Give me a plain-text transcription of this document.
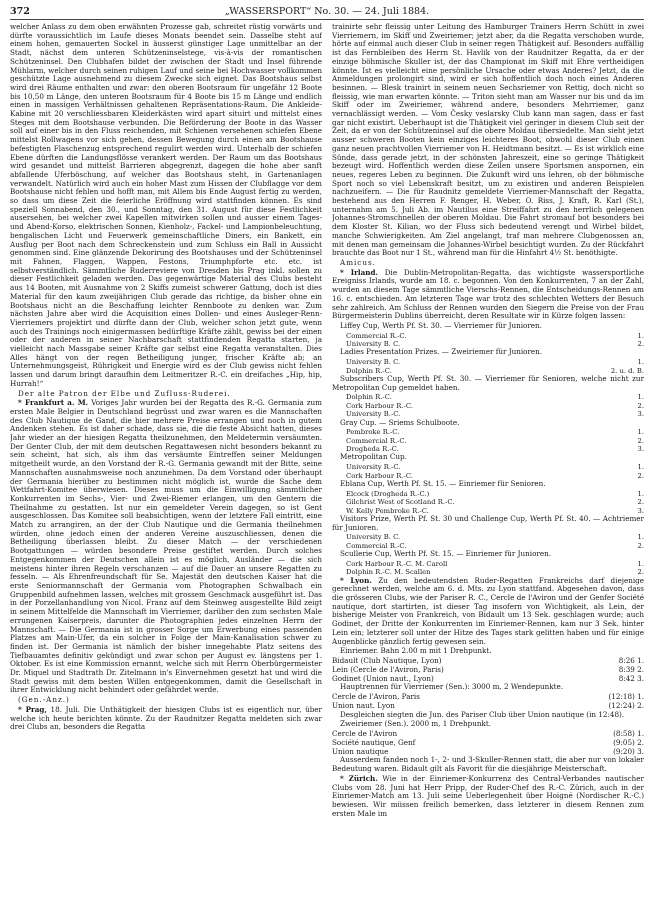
372	„WASSERSPORT“ No. 30. — 24. Juli 1884.

welcher Anlass zu dem oben erwähnten Prozesse gab, schreitet rüstig vorwärts und dürfte voraussichtlich im Laufe dieses Monats beendet sein. Dasselbe steht auf einem hohen, gemauerten Sockel in äusserst günstiger Lage unmittelbar an der Stadt, nächst dem unteren Schützeninselstege, vis-à-vis der romantischen Schützeninsel. Den Clubhafen bildet der zwischen der Stadt und Insel führende Mühlarm, welcher durch seinen ruhigen Lauf und seine bei Hochwasser vollkommen geschützte Lage ausnehmend zu diesem Zwecke sich eignet. Das Bootshaus selbst wird drei Räume enthalten und zwar: den oberen Bootsraum für ungefähr 12 Boote bis 10,50 m Länge, den unteren Bootsraum für 4 Boote bis 15 m Länge und endlich einen in massigen Verhältnissen gehaltenen Repräsentations-Raum. Die Ankleide-Kabine mit 20 verschliessbaren Kleiderkästen wird apart situirt und mittelst eines Steges mit dem Bootshause verbunden. Die Beförderung der Boote in das Wasser soll auf einer bis in den Fluss reichenden, mit Schienen versehenen schiefen Ebene mittelst Rollwagens vor sich gehen, dessen Bewegung durch einen am Bootshause befestigten Flaschenzug entsprechend regulirt werden wird. Unterhalb der schiefen Ebene dürften die Landungsflösse verankert werden. Der Raum um das Bootshaus wird gesandet und mittelst Barrieren abgegrenzt, dagegen die hohe aber sanft abfallende Uferböschung, auf welcher das Bootshaus steht, in Gartenanlagen verwandelt. Natürlich wird auch ein hoher Mast zum Hissen der Clubflagge vor dem Bootshause nicht fehlen und hofft man, mit Allem bis Ende August fertig zu werden, so dass um diese Zeit die feierliche Eröffnung wird stattfinden können. Es sind speziell Sonnabend, den 30., und Sonntag, den 31. August für diese Festlichkeit ausersehen, bei welcher zwei Kapellen mitwirken sollen und ausser einem Tages- und Abend-Korso, elektrischen Sonnen, Kienholz-, Fackel- und Lampionbeleuchtung, bengalischen Licht und Feuerwerk gemeinschaftliche Diners, ein Bankett, ein Ausflug per Boot nach dem Schreckenstein und zum Schluss ein Ball in Aussicht genommen sind. Eine glänzende Dekorirung des Bootshauses und der Schützeninsel mit Fahnen, Flaggen, Wappen, Festons, Triumphpforte etc. etc. ist selbstverständlich. Sämmtliche Ruderreviere von Dresden bis Prag inkl. sollen zu dieser Festlichkeit geladen werden. Das gegenwärtige Material des Clubs besteht aus 14 Booten, mit Ausnahme von 2 Skiffs zumeist schwerer Gattung, doch ist dies Material für den kaum zweijährigen Club gerade das richtige, da bisher ohne ein Bootshaus nicht an die Beschaffung leichter Rennboote zu denken war. Zum nächsten Jahre aber wird die Acquisition eines Dollen- und eines Ausleger-Renn-Vierriemers projektirt und dürfte dann der Club, welcher schon jetzt gute, wenn auch des Trainings noch einigermassen bedürftige Kräfte zählt, gewiss bei der einen oder der anderen in seiner Nachbarschaft stattfindenden Regatta starten, ja vielleicht nach Massgabe seiner Kräfte gar selbst eine Regatta veranstalten. Dies Alles hängt von der regen Betheiligung junger, frischer Kräfte ab; an Unternehmungsgeist, Rührigkeit und Energie wird es der Club gewiss nicht fehlen lassen und darum bringt daraufhin dem Leitmeritzer R.-C. ein dreifaches „Hip, hip, Hurrah!“

Der alte Patron der Elbe und Zufluss-Ruderei.

* Frankfurt a. M. Voriges Jahr wurden bei der Regatta des R.-G. Germania zum ersten Male Belgier in Deutschland begrüsst und zwar waren es die Mannschaften des Club Nautique de Gand, die hier mehrere Preise errangen und noch in gutem Andenken stehen. Es ist daher schade, dass sie, die die feste Absicht hatten, dieses Jahr wieder an der hiesigen Regatta theilzunehmen, den Meldetermin versäumten. Der Genter Club, der mit dem deutschen Regattawesen nicht besonders bekannt zu sein scheint, hat sich, als ihm das versäumte Eintreffen seiner Meldungen mitgetheilt wurde, an den Vorstand der R.-G. Germania gewandt mit der Bitte, seine Mannschaften ausnahmsweise noch anzunehmen. Da dem Vorstand oder überhaupt der Germania hierüber zu bestimmen nicht möglich ist, wurde die Sache dem Wettfahrt-Komitee überwiesen. Dieses muss um die Einwilligung sämmtlicher Konkurrenten im Sechs-, Vier- und Zwei-Riemer erlangen, um den Gentern die Theilnahme zu gestatten. Ist nur ein gemeldeter Verein dagegen, so ist Gent ausgeschlossen. Das Komitee soll beabsichtigen, wenn der letztere Fall eintritt, eine Match zu arrangiren, an der der Club Nautique und die Germania theilnehmen würden, ohne jedoch einen der anderen Vereine auszuschliessen, denen die Betheiligung überlassen bleibt. Zu dieser Match — der verschiedenen Bootgattungen — würden besondere Preise gestiftet werden. Durch solches Entgegenkommen der Deutschen allein ist es möglich, Ausländer — die sich meistens hinter ihren Regeln verschanzen — auf die Dauer an unsere Regatten zu fesseln. — Als Ehrenfreundschaft für Se. Majestät den deutschen Kaiser hat die erste Seniormannschaft der Germania vom Photographen Schwalbach ein Gruppenbild aufnehmen lassen, welches mit grossem Geschmack ausgeführt ist. Das in der Porzellanhandlung von Nicol. Franz auf dem Steinweg ausgestellte Bild zeigt in seinem Mittelfelde die Mannschaft im Vierriemer, darüber den zum sechsten Male errungenen Kaiserpreis, darunter die Photographien jedes einzelnen Herrn der Mannschaft. — Die Germania ist in grosser Sorge um Erwerbung eines passenden Platzes am Main-Ufer, da ein solcher in Folge der Main-Kanalisation schwer zu finden ist. Der Germania ist nämlich der bisher innegehabte Platz seitens des Tiefbauamtes definitiv gekündigt und zwar schon per August ev. längstens per 1. Oktober. Es ist eine Kommission ernannt, welche sich mit Herrn Oberbürgermeister Dr. Miquel und Stadtrath Dr. Zitelmann in's Einvernehmen gesetzt hat und wird die Stadt gewiss mit dem besten Willen entgegenkommen, damit die Gesellschaft in ihrer Entwicklung nicht behindert oder gefährdet werde.

(Gen.-Anz.)

* Prag, 18. Juli. Die Unthätigkeit der hiesigen Clubs ist es eigentlich nur, über welche ich heute berichten könnte. Zu der Raudnitzer Regatta meldeten sich zwar drei Clubs an, besonders die Regatta

trainirte sehr fleissig unter Leitung des Hamburger Trainers Herrn Schütt in zwei Vierriemern, im Skiff und Zweiriemer; jetzt aber, da die Regatta verschoben wurde, hörte auf einmal auch dieser Club in seiner regen Thätigkeit auf. Besonders auffällig ist das Fernbleiben des Herrn St. Havlik von der Raudnitzer Regatta, da er der einzige böhmische Skuller ist, der das Championat im Skiff mit Ehre vertheidigen könnte. Ist es vielleicht eine persönliche Ursache oder etwas Anderes? Jetzt, da die Anmeldungen prolongirt sind, wird er sich hoffentlich doch noch eines Anderen besinnen. — Blesk trainirt in seinem neuen Sechsriemer von Rettig, doch nicht so fleissig, wie man erwarten könnte. — Triton sieht man am Wasser nur bis und da im Skiff oder im Zweiriemer, während andere, besonders Mehrriemer, ganz vernachlässigt werden. — Vom Česky veslarsky Club kann man sagen, dass er fast gar nicht existirt. Ueberhaupt ist die Thätigkeit viel geringer in diesem Club seit der Zeit, da er von der Schützeninsel auf die obere Moldau übersiedelte. Man sieht jetzt ausser schweren Booten kein einziges leichteres Boot, obwohl dieser Club einen ganz neuen prachtvollen Vierriemer von H. Heidtmann besitzt. — Es ist wirklich eine Sünde, dass gerade jetzt, in der schönsten Jahreszeit, eine so geringe Thätigkeit bezeugt wird. Hoffentlich werden diese Zeilen unsere Sportsmen anspornen, ein neues, regeres Leben zu beginnen. Die Zukunft wird uns lehren, ob der böhmische Sport noch so viel Lebenskraft besitzt, um zu existiren und anderen Beispielen nachzueifern. — Die für Raudnitz gemeldete Vierriemer-Mannschaft der Regatta, bestehend aus den Herren F. Renger, H. Weber, O. Riss, J. Kraft, R. Karl (St.), unternahm am 5. Juli Ab. im Nautilus eine Streiffahrt zu den herrlich gelegenen Johannes-Stromschnellen der oberen Moldau. Die Fahrt stromauf bot besonders bei dem Kloster St. Kilian, wo der Fluss sich bedeutend verengt und Wirbel bildet, manche Schwierigkeiten. Am Ziel angelangt, traf man mehrere Clubgenossen an, mit denen man gemeinsam die Johannes-Wirbel besichtigt wurden. Zu der Rückfahrt brauchte das Boot nur 1 St., während man für die Hinfahrt 4½ St. benöthigte.

Amicus.

* Irland. Die Dublin-Metropolitan-Regatta, das wichtigste wassersportliche Ereigniss Irlands, wurde am 18. c. begonnen. Von den Konkurrenten, 7 an der Zahl, wurden an diesem Tage sämmtliche Vierschs-Rennen, die Entscheidungs-Rennen am 16. c. entschieden. Am letzteren Tage war trotz des schlechten Wetters der Besuch sehr zahlreich. Am Schluss der Rennen wurden den Siegern die Preise von der Frau Bürgermeisterin Dublins überreicht, deren Resultate wir in Kürze folgen lassen:

Liffey Cup, Werth Pf. St. 30. — Vierriemer für Junioren.

Commercial R.-C.	1.
University B. C.	2.

Ladies Presentation Prizes. — Zweiriemer für Junioren.

University B. C.	1.
Dolphin R.-C.	2. u. d. B.

Subscribers Cup, Werth Pf. St. 30. — Vierriemer für Senioren, welche nicht zur Metropolitan Cup gemeldet haben.

Dolphin R.-C.	1.
Cork Harbour R.-C.	2.
University B.-C.	3.

Gray Cup. — Sriems Schulboote.

Pembroke R.-C.	1.
Commercial R.-C.	2.
Drogheda R.-C.	3.

Metropolitan Cup.

University R.-C.	1.
Cork Harbour R.-C.	2.

Eblana Cup, Werth Pf. St. 15. — Einriemer für Senioren.

Elcock (Drogheda R.-C.)	1.
Gilchrist West of Scotland R.-C.	2.
W. Kelly Pembroke R.-C.	3.

Visitors Prize, Werth Pf. St. 30 und Challenge Cup, Werth Pf. St. 40. — Achtriemer für Junioren.

University B. C.	1.
Commercial R.-C.	2.

Scullerie Cup, Werth Pf. St. 15. — Einriemer für Junioren.

Cork Harbour R.-C. M. Caroll	1.
Dolphin R.-C. M. Scallen	2.

* Lyon. Zu den bedeutendsten Ruder-Regatten Frankreichs darf diejenige gerechnet werden, welche am 6. d. Mts. zu Lyon stattfand. Abgesehen davon, dass die grösseren Clubs, wie der Pariser R. C., Cercle de l'Aviron und der Genfer Société nautique, dort startirten, ist dieser Tag insofern von Wichtigkeit, als Lein, der bisherige Meister von Frankreich, von Bidault um 13 Sek. geschlagen wurde; auch Godinet, der Dritte der Konkurrenten im Einriemer-Rennen, kam nur 3 Sek. hinter Lein ein; letzterer soll unter der Hitze des Tages stark gelitten haben und für einige Augenblicke gänzlich fertig gewesen sein.

Einriemer. Bahn 2.00 m mit 1 Drehpunkt.

Bidault (Club Nautique, Lyon)	8:26 1.
Lein (Cercle de l'Aviron, Paris)	8:39 2.
Godinet (Union naut., Lyon)	8:42 3.

Hauptrennen für Vierriemer (Sen.): 3000 m, 2 Wendepunkte.

Cercle de l'Aviron, Paris	(12:18) 1.
Union naut. Lyon	(12:24) 2.

Desgleichen siegten die Jun. des Pariser Club über Union nautique (in 12:48).

Zweiriemer (Sen.). 2000 m, 1 Drehpunkt.

Cercle de l'Aviron	(8:58) 1.
Société nautique, Genf	(9:05) 2.
Union nautique	(9:20) 3.

Ausserdem fanden noch 1-, 2- und 3-Skuller-Rennen statt, die aber nur von lokaler Bedeutung waren. Bidault gilt als Favorit für die diesjährige Meisterschaft.

* Zürich. Wie in der Einriemer-Konkurrenz des Central-Verbandes nautischer Clubs vom 28. Juni hat Herr Pripp, der Ruder-Chef des R.-C. Zürich, auch in der Einriemer-Match am 13. Juli seine Ueberlegenheit über Hoigné (Nordischer R.-C.) bewiesen. Wir müssen freilich bemerken, dass letzterer in diesem Rennen zum ersten Male im
